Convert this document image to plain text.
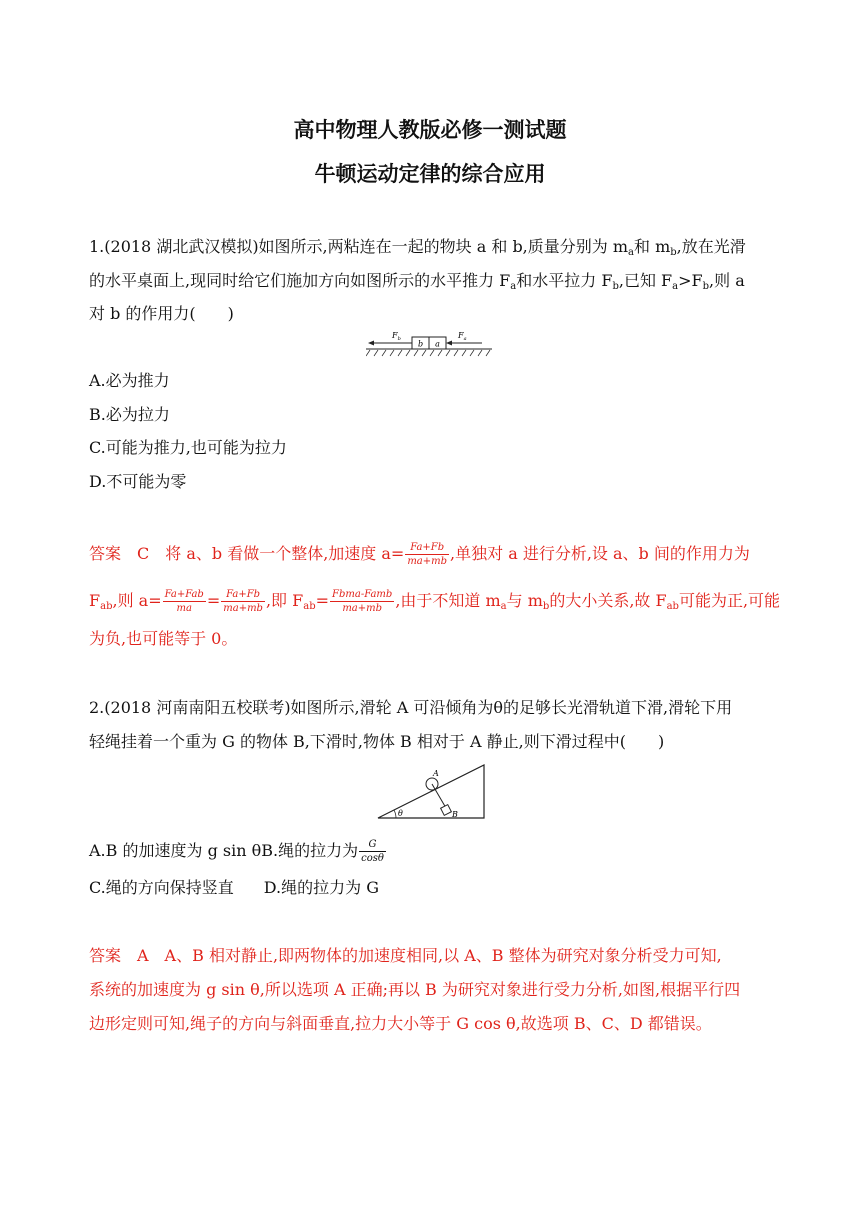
高中物理人教版必修一测试题
牛顿运动定律的综合应用
1.(2018 湖北武汉模拟)如图所示,两粘连在一起的物块 a 和 b,质量分别为 $m_a$和 $m_b$,放在光滑
的水平桌面上,现同时给它们施加方向如图所示的水平推力 $F_a$和水平拉力 $F_b$,已知 $F_a>F_b$,则 a
对 b 的作用力(　　)
b a
$F_b$	$F_a$
A.必为推力
B.必为拉力
C.可能为推力,也可能为拉力
D.不可能为零
答案　C　将 a、b 看做一个整体,加速度 $a= \frac{Fa+Fb}{ma+mb}$ ,单独对 a 进行分析,设 a、b 间的作用力为
$F_{ab}$,则 $a= \frac{\text{Fa+Fab}}{ma} = \frac{Fa+Fb}{ma+mb}$ ,即 $F_{ab}= \frac{\text{Fbma-Famb}}{ma+mb}$ ,由于不知道 $m_a$与 $m_b$的大小关系,故 $F_{ab}$可能为正,可能
为负,也可能等于 0。
2.(2018 河南南阳五校联考)如图所示,滑轮 A 可沿倾角为θ的足够长光滑轨道下滑,滑轮下用
轻绳挂着一个重为 G 的物体 B,下滑时,物体 B 相对于 A 静止,则下滑过程中(　　)
θ
A
B
A.B 的加速度为 g sin θB.绳的拉力为 $\frac{G}{\cos\theta}$
C.绳的方向保持竖直 D.绳的拉力为 G
答案　A　A、B 相对静止,即两物体的加速度相同,以 A、B 整体为研究对象分析受力可知,
系统的加速度为 g sin θ,所以选项 A 正确;再以 B 为研究对象进行受力分析,如图,根据平行四
边形定则可知,绳子的方向与斜面垂直,拉力大小等于 G cos θ,故选项 B、C、D 都错误。
